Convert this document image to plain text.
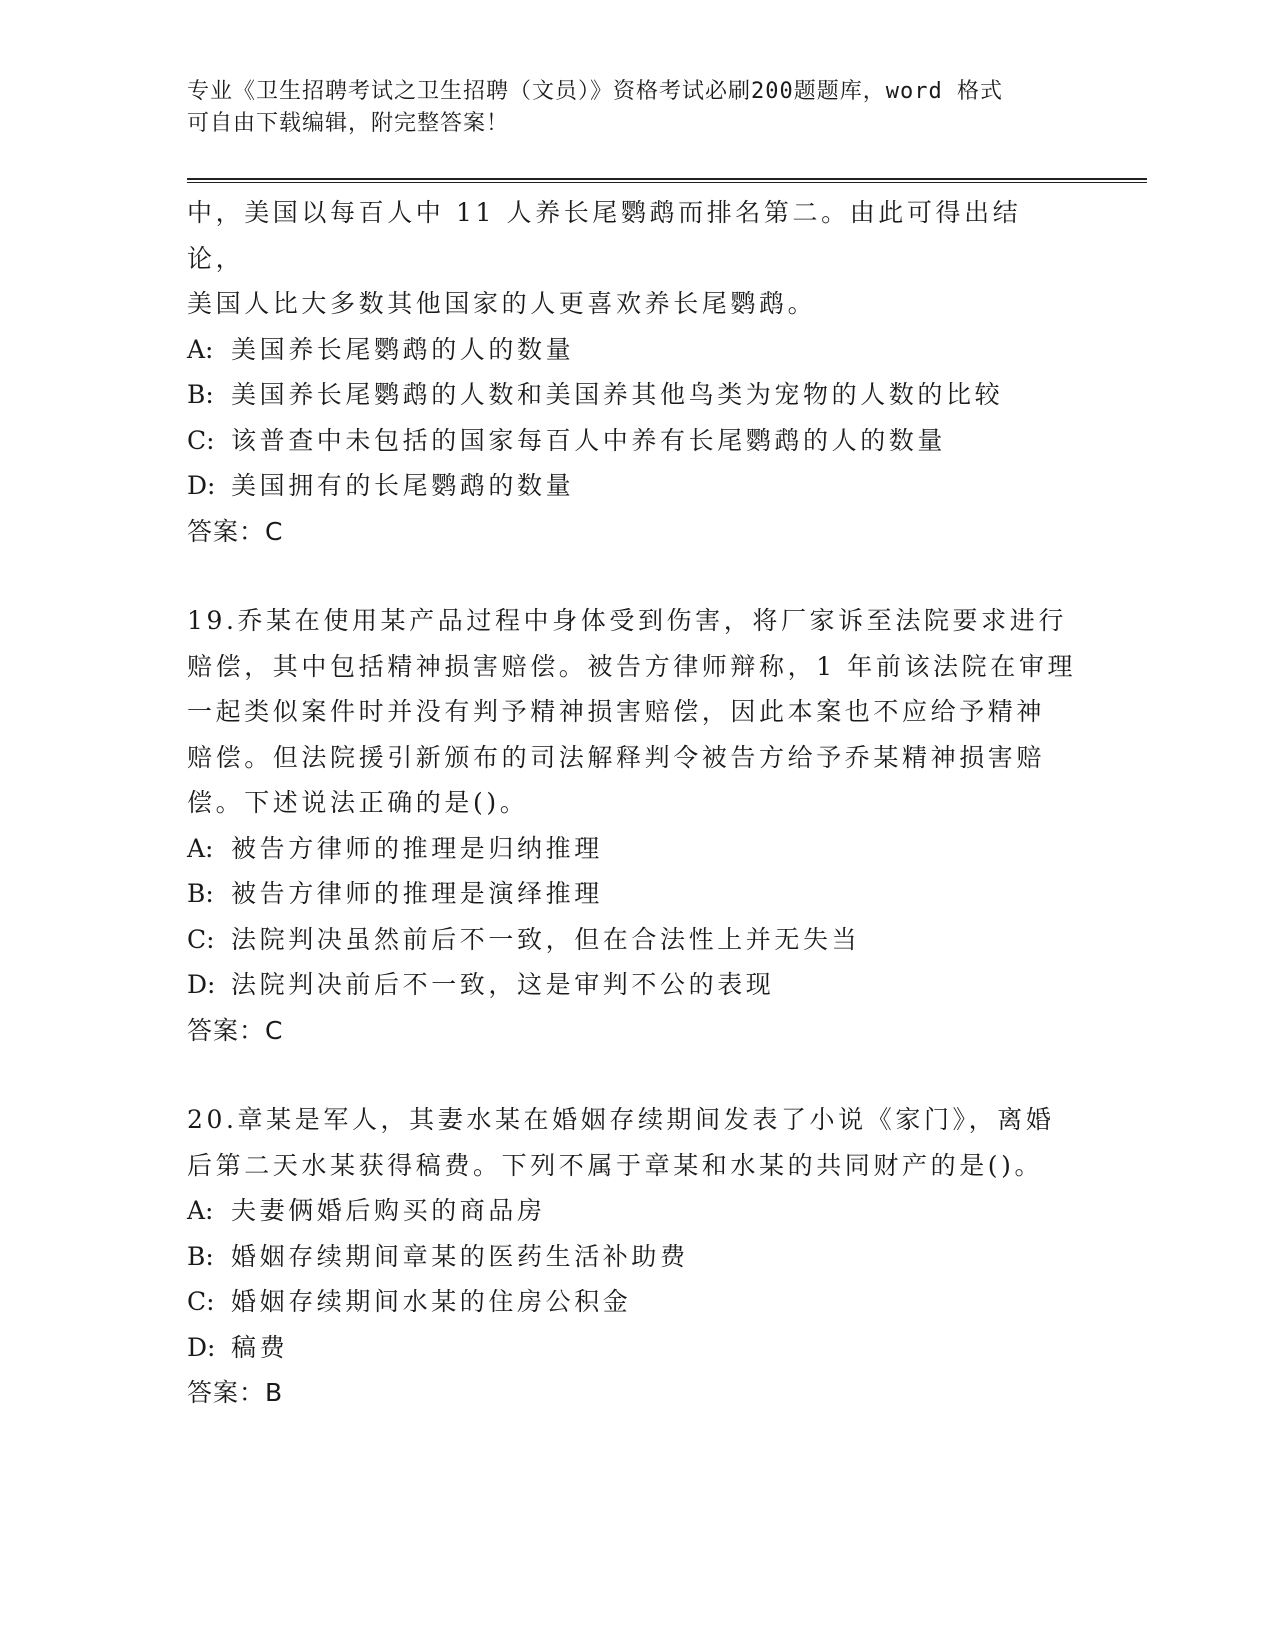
专业《卫生招聘考试之卫生招聘（文员）》资格考试必刷200题题库，word 格式
可自由下载编辑，附完整答案！

中，美国以每百人中 11 人养长尾鹦鹉而排名第二。由此可得出结论，

美国人比大多数其他国家的人更喜欢养长尾鹦鹉。

A: 美国养长尾鹦鹉的人的数量

B: 美国养长尾鹦鹉的人数和美国养其他鸟类为宠物的人数的比较

C: 该普查中未包括的国家每百人中养有长尾鹦鹉的人的数量

D: 美国拥有的长尾鹦鹉的数量

答案：C

19.乔某在使用某产品过程中身体受到伤害，将厂家诉至法院要求进行

赔偿，其中包括精神损害赔偿。被告方律师辩称，1 年前该法院在审理

一起类似案件时并没有判予精神损害赔偿，因此本案也不应给予精神

赔偿。但法院援引新颁布的司法解释判令被告方给予乔某精神损害赔

偿。下述说法正确的是()。

A: 被告方律师的推理是归纳推理

B: 被告方律师的推理是演绎推理

C: 法院判决虽然前后不一致，但在合法性上并无失当

D: 法院判决前后不一致，这是审判不公的表现

答案：C

20.章某是军人，其妻水某在婚姻存续期间发表了小说《家门》，离婚

后第二天水某获得稿费。下列不属于章某和水某的共同财产的是()。

A: 夫妻俩婚后购买的商品房

B: 婚姻存续期间章某的医药生活补助费

C: 婚姻存续期间水某的住房公积金

D: 稿费

答案：B
